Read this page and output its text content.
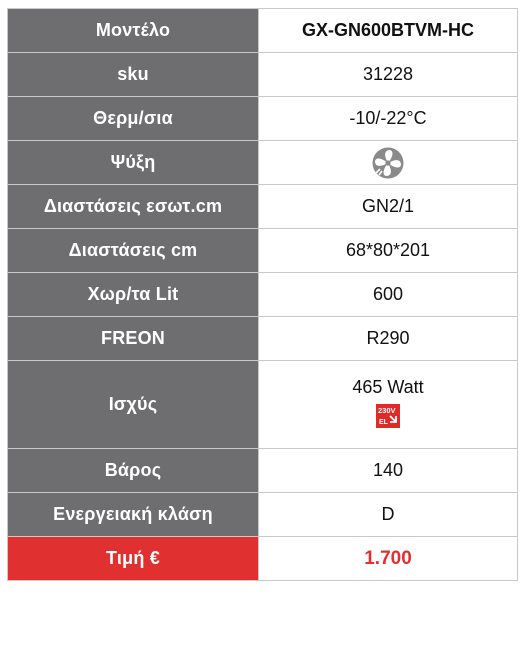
Μοντέλο	GX-GN600BTVM-HC
sku	31228
Θερμ/σια	-10/-22°C
Ψύξη	
Διαστάσεις εσωτ.cm	GN2/1
Διαστάσεις cm	68*80*201
Χωρ/τα Lit	600
FREON	R290
Ισχύς	465 Watt
230V
EL

Βάρος	140
Ενεργειακή κλάση	D
Τιμή €	1.700
